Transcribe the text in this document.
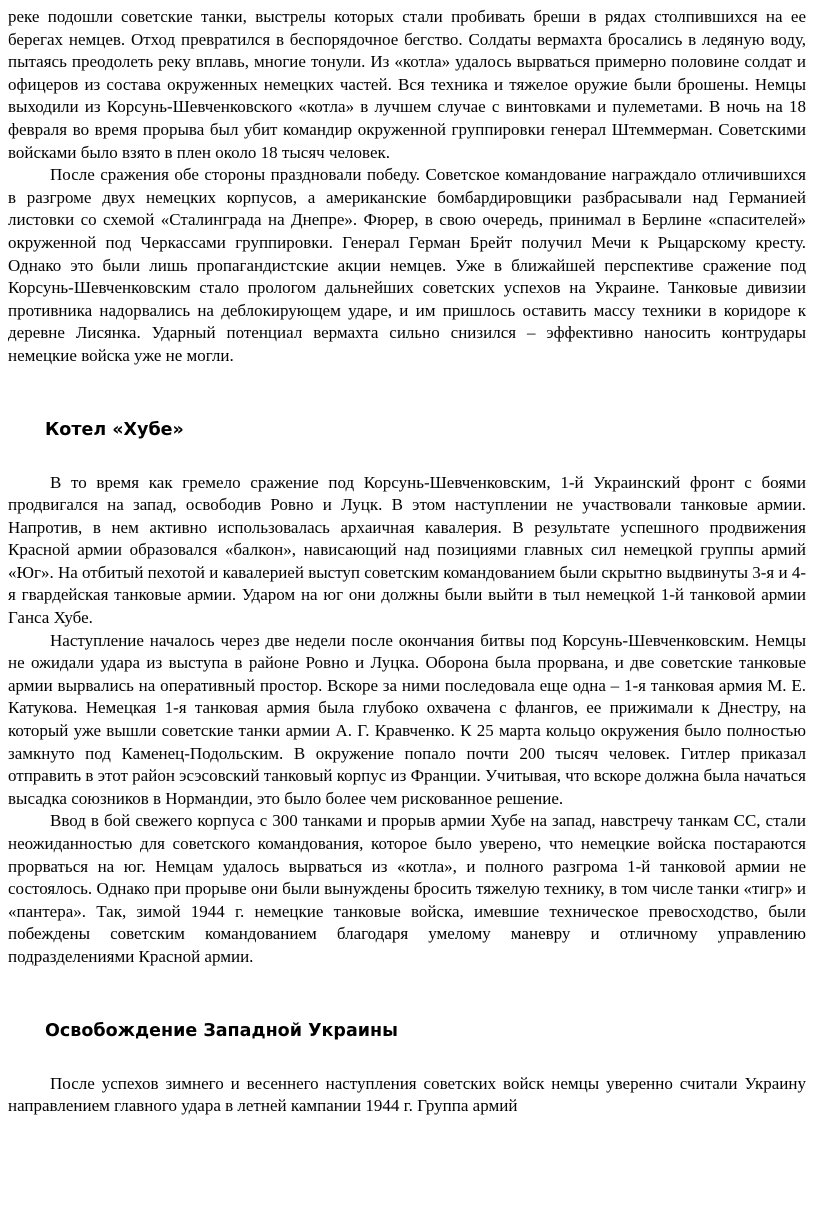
реке подошли советские танки, выстрелы которых стали пробивать бреши в рядах столпившихся на ее берегах немцев. Отход превратился в беспорядочное бегство. Солдаты вермахта бросались в ледяную воду, пытаясь преодолеть реку вплавь, многие тонули. Из «котла» удалось вырваться примерно половине солдат и офицеров из состава окруженных немецких частей. Вся техника и тяжелое оружие были брошены. Немцы выходили из Корсунь-Шевченковского «котла» в лучшем случае с винтовками и пулеметами. В ночь на 18 февраля во время прорыва был убит командир окруженной группировки генерал Штеммерман. Советскими войсками было взято в плен около 18 тысяч человек.

После сражения обе стороны праздновали победу. Советское командование награждало отличившихся в разгроме двух немецких корпусов, а американские бомбардировщики разбрасывали над Германией листовки со схемой «Сталинграда на Днепре». Фюрер, в свою очередь, принимал в Берлине «спасителей» окруженной под Черкассами группировки. Генерал Герман Брейт получил Мечи к Рыцарскому кресту. Однако это были лишь пропагандистские акции немцев. Уже в ближайшей перспективе сражение под Корсунь-Шевченковским стало прологом дальнейших советских успехов на Украине. Танковые дивизии противника надорвались на деблокирующем ударе, и им пришлось оставить массу техники в коридоре к деревне Лисянка. Ударный потенциал вермахта сильно снизился – эффективно наносить контрудары немецкие войска уже не могли.

Котел «Хубе»

В то время как гремело сражение под Корсунь-Шевченковским, 1-й Украинский фронт с боями продвигался на запад, освободив Ровно и Луцк. В этом наступлении не участвовали танковые армии. Напротив, в нем активно использовалась архаичная кавалерия. В результате успешного продвижения Красной армии образовался «балкон», нависающий над позициями главных сил немецкой группы армий «Юг». На отбитый пехотой и кавалерией выступ советским командованием были скрытно выдвинуты 3-я и 4-я гвардейская танковые армии. Ударом на юг они должны были выйти в тыл немецкой 1-й танковой армии Ганса Хубе.

Наступление началось через две недели после окончания битвы под Корсунь-Шевченковским. Немцы не ожидали удара из выступа в районе Ровно и Луцка. Оборона была прорвана, и две советские танковые армии вырвались на оперативный простор. Вскоре за ними последовала еще одна – 1-я танковая армия М. Е. Катукова. Немецкая 1-я танковая армия была глубоко охвачена с флангов, ее прижимали к Днестру, на который уже вышли советские танки армии А. Г. Кравченко. К 25 марта кольцо окружения было полностью замкнуто под Каменец-Подольским. В окружение попало почти 200 тысяч человек. Гитлер приказал отправить в этот район эсэсовский танковый корпус из Франции. Учитывая, что вскоре должна была начаться высадка союзников в Нормандии, это было более чем рискованное решение.

Ввод в бой свежего корпуса с 300 танками и прорыв армии Хубе на запад, навстречу танкам СС, стали неожиданностью для советского командования, которое было уверено, что немецкие войска постараются прорваться на юг. Немцам удалось вырваться из «котла», и полного разгрома 1-й танковой армии не состоялось. Однако при прорыве они были вынуждены бросить тяжелую технику, в том числе танки «тигр» и «пантера». Так, зимой 1944 г. немецкие танковые войска, имевшие техническое превосходство, были побеждены советским командованием благодаря умелому маневру и отличному управлению подразделениями Красной армии.

Освобождение Западной Украины

После успехов зимнего и весеннего наступления советских войск немцы уверенно считали Украину направлением главного удара в летней кампании 1944 г. Группа армий
